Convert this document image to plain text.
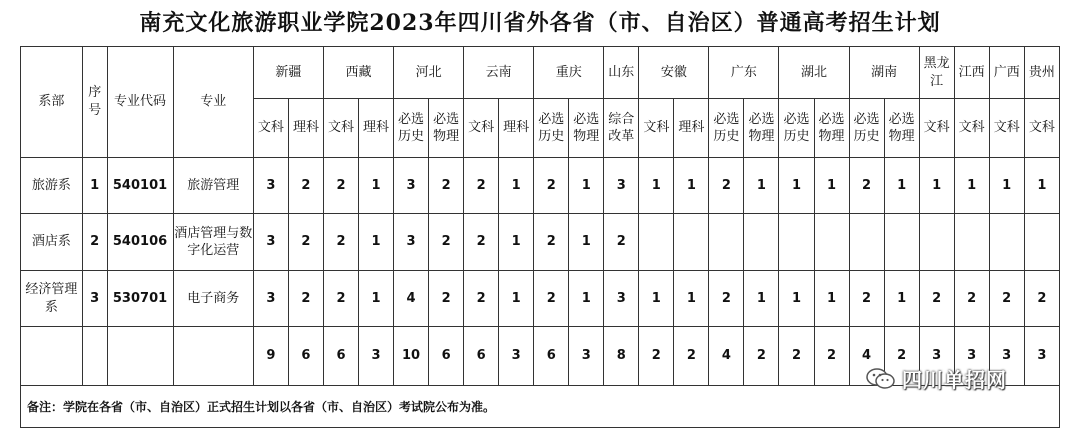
南充文化旅游职业学院2023年四川省外各省（市、自治区）普通高考招生计划
系部	序号	专业代码	专业	新疆		西藏		河北		云南		重庆		山东	安徽		广东		湖北		湖南		黑龙江	江西	广西	贵州
				文科	理科	文科	理科	必选历史	必选物理	文科	理科	必选历史	必选物理	综合改革	文科	理科	必选历史	必选物理	必选历史	必选物理	必选历史	必选物理	文科	文科	文科	文科
旅游系	1	540101	旅游管理	3	2	2	1	3	2	2	1	2	1	3	1	1	2	1	1	1	2	1	1	1	1	1
酒店系	2	540106	酒店管理与数字化运营	3	2	2	1	3	2	2	1	2	1	2												
经济管理系	3	530701	电子商务	3	2	2	1	4	2	2	1	2	1	3	1	1	2	1	1	1	2	1	2	2	2	2
				9	6	6	3	10	6	6	3	6	3	8	2	2	4	2	2	2	4	2	3	3	3	3
备注：学院在各省（市、自治区）正式招生计划以各省（市、自治区）考试院公布为准。
四川单招网
